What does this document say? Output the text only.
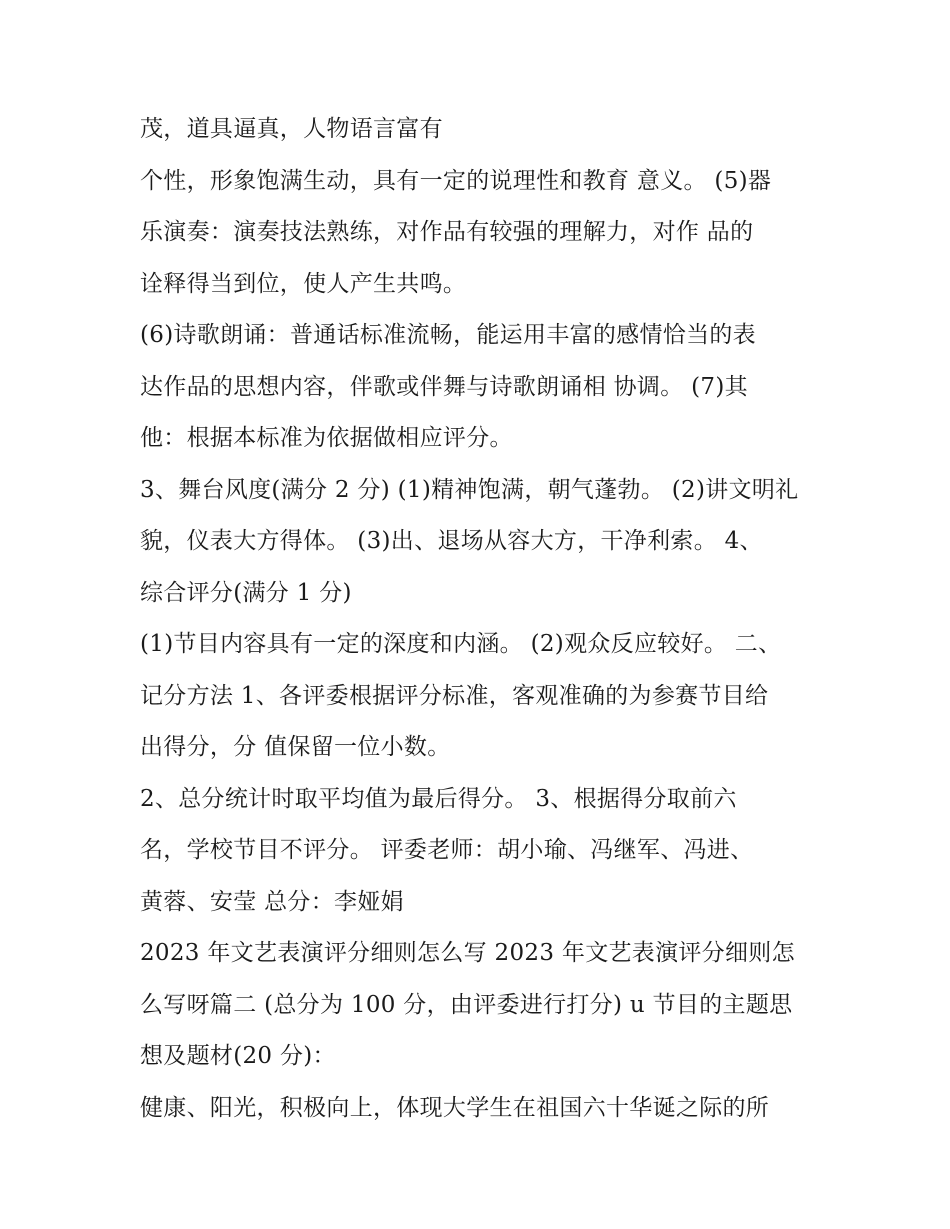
茂，道具逼真，人物语言富有
个性，形象饱满生动，具有一定的说理性和教育 意义。 (5)器
乐演奏：演奏技法熟练，对作品有较强的理解力，对作 品的
诠释得当到位，使人产生共鸣。
(6)诗歌朗诵：普通话标准流畅，能运用丰富的感情恰当的表
达作品的思想内容，伴歌或伴舞与诗歌朗诵相 协调。 (7)其
他：根据本标准为依据做相应评分。
3、舞台风度(满分 2 分) (1)精神饱满，朝气蓬勃。 (2)讲文明礼
貌，仪表大方得体。 (3)出、退场从容大方，干净利索。 4、
综合评分(满分 1 分)
(1)节目内容具有一定的深度和内涵。 (2)观众反应较好。 二、
记分方法 1、各评委根据评分标准，客观准确的为参赛节目给
出得分，分 值保留一位小数。
2、总分统计时取平均值为最后得分。 3、根据得分取前六
名，学校节目不评分。 评委老师：胡小瑜、冯继军、冯进、
黄蓉、安莹 总分：李娅娟
2023 年文艺表演评分细则怎么写 2023 年文艺表演评分细则怎
么写呀篇二 (总分为 100 分，由评委进行打分) u 节目的主题思
想及题材(20 分)：
健康、阳光，积极向上，体现大学生在祖国六十华诞之际的所
